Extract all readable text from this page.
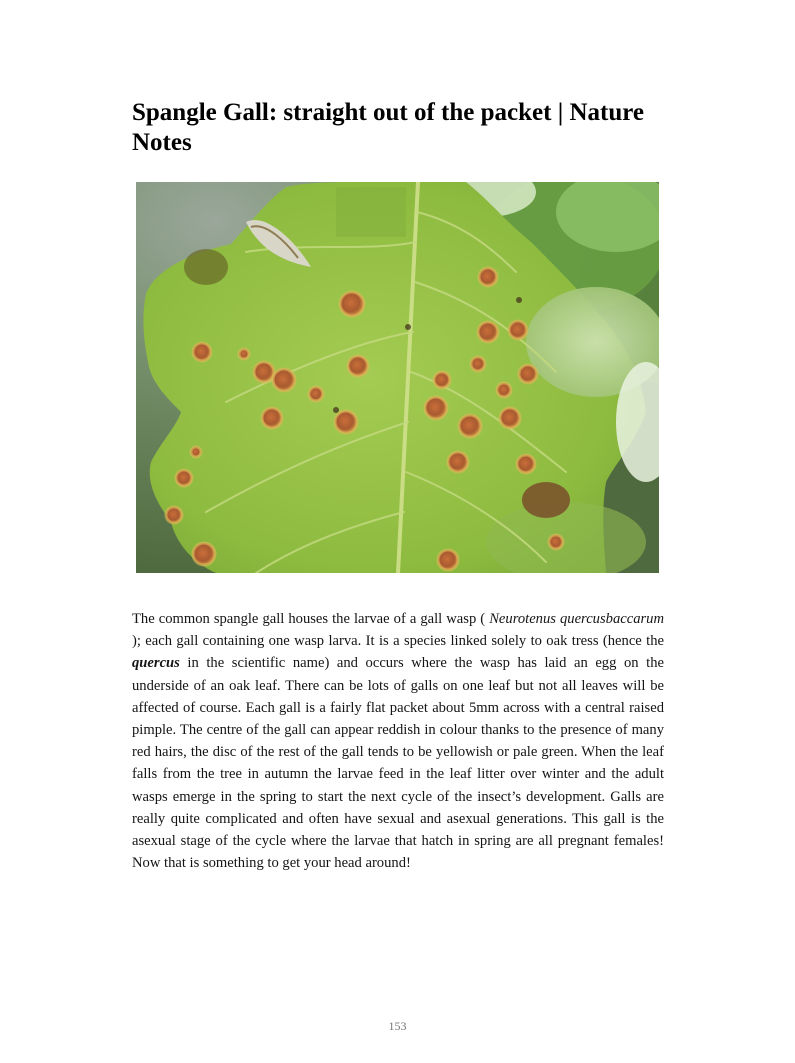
Spangle Gall: straight out of the packet | Nature Notes

The common spangle gall houses the larvae of a gall wasp ( Neurotenus quercusbaccarum ); each gall containing one wasp larva. It is a species linked solely to oak tress (hence the quercus in the scientific name) and occurs where the wasp has laid an egg on the underside of an oak leaf. There can be lots of galls on one leaf but not all leaves will be affected of course. Each gall is a fairly flat packet about 5mm across with a central raised pimple. The centre of the gall can appear reddish in colour thanks to the presence of many red hairs, the disc of the rest of the gall tends to be yellowish or pale green. When the leaf falls from the tree in autumn the larvae feed in the leaf litter over winter and the adult wasps emerge in the spring to start the next cycle of the insect’s development. Galls are really quite complicated and often have sexual and asexual generations. This gall is the asexual stage of the cycle where the larvae that hatch in spring are all pregnant females! Now that is something to get your head around!

153
